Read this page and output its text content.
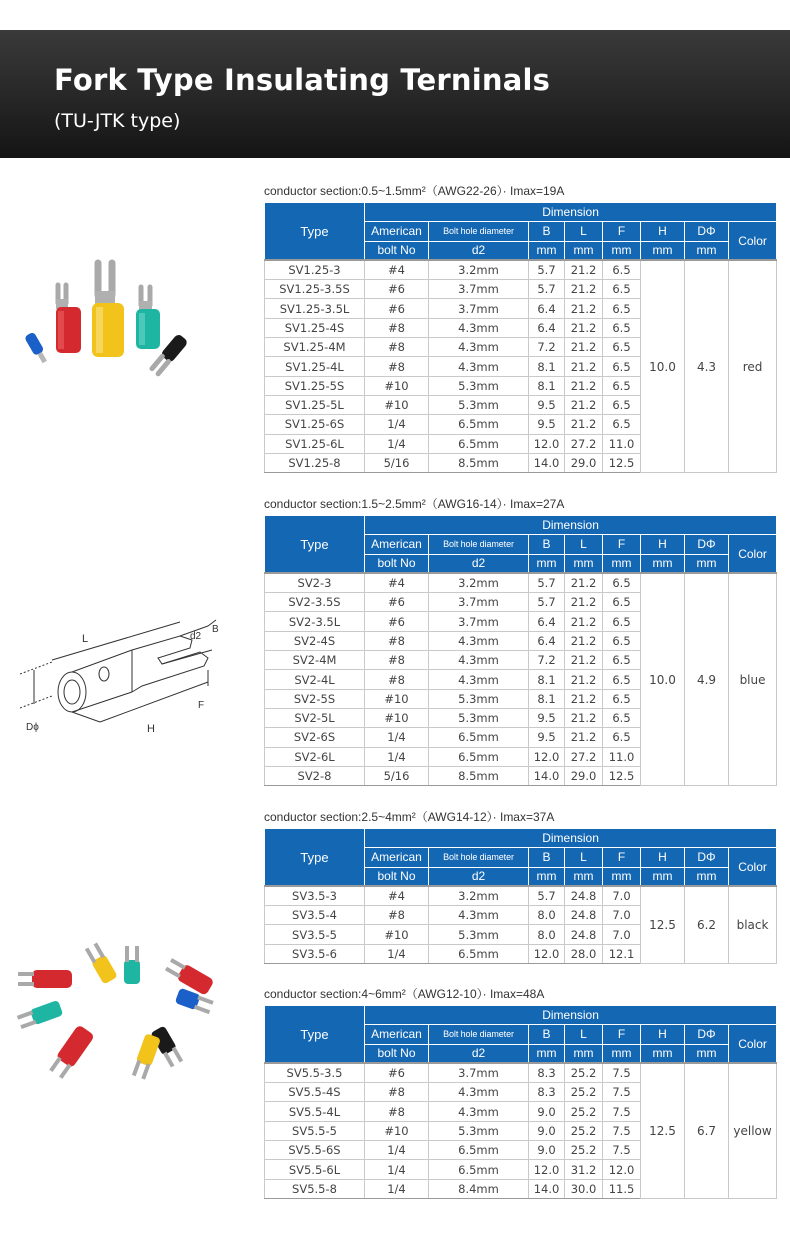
Fork Type Insulating Terninals
(TU-JTK type)
L
B
d2
F
H
Dϕ
conductor section:0.5~1.5mm²（AWG22-26）· Imax=19A
Type	Dimension							
	American	Bolt hole diameter	B	L	F	H	DΦ	Color
	bolt No	d2	mm	mm	mm	mm	mm	
SV1.25-3	#4	3.2mm	5.7	21.2	6.5	10.0	4.3	red
SV1.25-3.5S	#6	3.7mm	5.7	21.2	6.5			
SV1.25-3.5L	#6	3.7mm	6.4	21.2	6.5			
SV1.25-4S	#8	4.3mm	6.4	21.2	6.5			
SV1.25-4M	#8	4.3mm	7.2	21.2	6.5			
SV1.25-4L	#8	4.3mm	8.1	21.2	6.5			
SV1.25-5S	#10	5.3mm	8.1	21.2	6.5			
SV1.25-5L	#10	5.3mm	9.5	21.2	6.5			
SV1.25-6S	1/4	6.5mm	9.5	21.2	6.5			
SV1.25-6L	1/4	6.5mm	12.0	27.2	11.0			
SV1.25-8	5/16	8.5mm	14.0	29.0	12.5			
conductor section:1.5~2.5mm²（AWG16-14）· Imax=27A
Type	Dimension							
	American	Bolt hole diameter	B	L	F	H	DΦ	Color
	bolt No	d2	mm	mm	mm	mm	mm	
SV2-3	#4	3.2mm	5.7	21.2	6.5	10.0	4.9	blue
SV2-3.5S	#6	3.7mm	5.7	21.2	6.5			
SV2-3.5L	#6	3.7mm	6.4	21.2	6.5			
SV2-4S	#8	4.3mm	6.4	21.2	6.5			
SV2-4M	#8	4.3mm	7.2	21.2	6.5			
SV2-4L	#8	4.3mm	8.1	21.2	6.5			
SV2-5S	#10	5.3mm	8.1	21.2	6.5			
SV2-5L	#10	5.3mm	9.5	21.2	6.5			
SV2-6S	1/4	6.5mm	9.5	21.2	6.5			
SV2-6L	1/4	6.5mm	12.0	27.2	11.0			
SV2-8	5/16	8.5mm	14.0	29.0	12.5			
conductor section:2.5~4mm²（AWG14-12）· Imax=37A
Type	Dimension							
	American	Bolt hole diameter	B	L	F	H	DΦ	Color
	bolt No	d2	mm	mm	mm	mm	mm	
SV3.5-3	#4	3.2mm	5.7	24.8	7.0	12.5	6.2	black
SV3.5-4	#8	4.3mm	8.0	24.8	7.0			
SV3.5-5	#10	5.3mm	8.0	24.8	7.0			
SV3.5-6	1/4	6.5mm	12.0	28.0	12.1			
conductor section:4~6mm²（AWG12-10）· Imax=48A
Type	Dimension							
	American	Bolt hole diameter	B	L	F	H	DΦ	Color
	bolt No	d2	mm	mm	mm	mm	mm	
SV5.5-3.5	#6	3.7mm	8.3	25.2	7.5	12.5	6.7	yellow
SV5.5-4S	#8	4.3mm	8.3	25.2	7.5			
SV5.5-4L	#8	4.3mm	9.0	25.2	7.5			
SV5.5-5	#10	5.3mm	9.0	25.2	7.5			
SV5.5-6S	1/4	6.5mm	9.0	25.2	7.5			
SV5.5-6L	1/4	6.5mm	12.0	31.2	12.0			
SV5.5-8	1/4	8.4mm	14.0	30.0	11.5			
